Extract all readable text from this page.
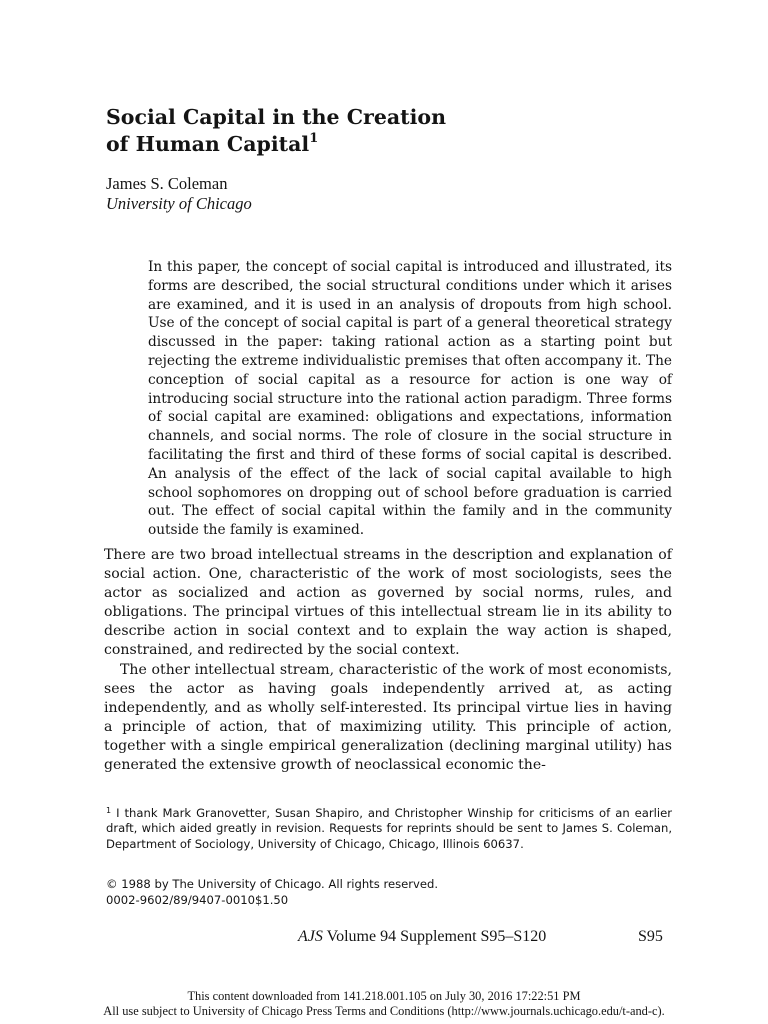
Social Capital in the Creation
of Human Capital$^1$
James S. Coleman
University of Chicago

In this paper, the concept of social capital is introduced and illustrated, its forms are described, the social structural conditions under which it arises are examined, and it is used in an analysis of dropouts from high school. Use of the concept of social capital is part of a general theoretical strategy discussed in the paper: taking rational action as a starting point but rejecting the extreme individualistic premises that often accompany it. The conception of social capital as a resource for action is one way of introducing social structure into the rational action paradigm. Three forms of social capital are examined: obligations and expectations, information channels, and social norms. The role of closure in the social structure in facilitating the first and third of these forms of social capital is described. An analysis of the effect of the lack of social capital available to high school sophomores on dropping out of school before graduation is carried out. The effect of social capital within the family and in the community outside the family is examined.

There are two broad intellectual streams in the description and explanation of social action. One, characteristic of the work of most sociologists, sees the actor as socialized and action as governed by social norms, rules, and obligations. The principal virtues of this intellectual stream lie in its ability to describe action in social context and to explain the way action is shaped, constrained, and redirected by the social context.

The other intellectual stream, characteristic of the work of most economists, sees the actor as having goals independently arrived at, as acting independently, and as wholly self-interested. Its principal virtue lies in having a principle of action, that of maximizing utility. This principle of action, together with a single empirical generalization (declining marginal utility) has generated the extensive growth of neoclassical economic the-

$^1$ I thank Mark Granovetter, Susan Shapiro, and Christopher Winship for criticisms of an earlier draft, which aided greatly in revision. Requests for reprints should be sent to James S. Coleman, Department of Sociology, University of Chicago, Chicago, Illinois 60637.

© 1988 by The University of Chicago. All rights reserved.
0002-9602/89/9407-0010$1.50
AJS Volume 94 Supplement S95–S120	S95
This content downloaded from 141.218.001.105 on July 30, 2016 17:22:51 PM
All use subject to University of Chicago Press Terms and Conditions (http://www.journals.uchicago.edu/t-and-c).
